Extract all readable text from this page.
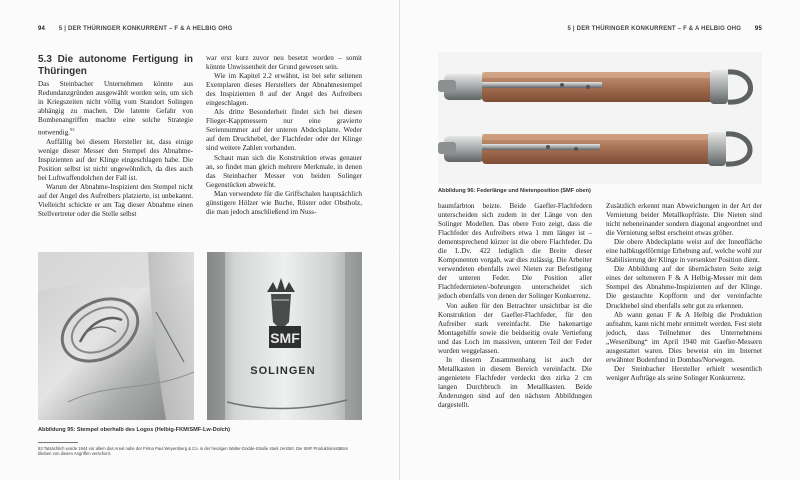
94 5 | DER THÜRINGER KONKURRENT – F & A HELBIG OHG
5.3 Die autonome Fertigung in Thüringen

Das Steinbacher Unternehmen könnte aus Redundanzgründen ausgewählt worden sein, um sich in Kriegszeiten nicht völlig vom Standort Solingen abhängig zu machen. Die latente Gefahr von Bombenangriffen machte eine solche Strategie notwendig.$^{93}$

Auffällig bei diesem Hersteller ist, dass einige wenige dieser Messer den Stempel des Abnahme-Inspizienten auf der Klinge eingeschlagen habe. Die Position selbst ist nicht ungewöhnlich, da dies auch bei Luftwaffendolchen der Fall ist.

Warum der Abnahme-Inspizient den Stempel nicht auf der Angel des Aufreibers platzierte, ist unbekannt. Vielleicht schickte er am Tag dieser Abnahme einen Stellvertreter oder die Stelle selbst

war erst kurz zuvor neu besetzt worden – somit könnte Unwissenheit der Grund gewesen sein.

Wie im Kapitel 2.2 erwähnt, ist bei sehr seltenen Exemplaren dieses Herstellers der Abnahmestempel des Inspizienten 8 auf der Angel des Aufreibers eingeschlagen.

Als dritte Besonderheit findet sich bei diesen Flieger-Kappmessern nur eine gravierte Seriennummer auf der unteren Abdeckplatte. Weder auf dem Druckhebel, der Flachfeder oder der Klinge sind weitere Zahlen vorhanden.

Schaut man sich die Konstruktion etwas genauer an, so findet man gleich mehrere Merkmale, in denen das Steinbacher Messer von beiden Solinger Gegenstücken abweicht.

Man verwendete für die Griffschalen hauptsächlich günstigere Hölzer wie Buche, Rüster oder Obstholz, die man jedoch anschließend im Nuss-

SMF
SOLINGEN
Abbildung 95: Stempel oberhalb des Logos (Helbig-FKM/SMF-Lw-Dolch)
93 Tatsächlich wurde 1944 vor allem das Areal nahe der Firma Paul Weyersberg & Co. in der heutigen Walter-Dodde-Straße stark zerstört. Die SMF Produktionsstätten blieben von diesen Angriffen verschont.
5 | DER THÜRINGER KONKURRENT – F & A HELBIG OHG 95
Abbildung 96: Federlänge und Nietenposition (SMF oben)

baumfarbton beizte. Beide Gaefler-Flachfedern unterscheiden sich zudem in der Länge von den Solinger Modellen. Das obere Foto zeigt, dass die Flachfeder des Aufreibers etwa 1 mm länger ist – dementsprechend kürzer ist die obere Flachfeder. Da die L.Dv. 422 lediglich die Breite dieser Komponenten vorgab, war dies zulässig. Die Arbeiter verwendeten ebenfalls zwei Nieten zur Befestigung der unteren Feder. Die Position aller Flachfedernieten/-bohrungen unterscheidet sich jedoch ebenfalls von denen der Solinger Konkurrenz.

Von außen für den Betrachter unsichtbar ist die Konstruktion der Gaefler-Flachfeder, für den Aufreiber stark vereinfacht. Die hakenartige Montagehilfe sowie die beidseitig ovale Vertiefung und das Loch im massiven, unteren Teil der Feder wurden weggelassen.

In diesem Zusammenhang ist auch der Metallkasten in diesem Bereich vereinfacht. Die angenietete Flachfeder verdeckt den zirka 2 cm langen Durchbruch im Metallkasten. Beide Änderungen sind auf den nächsten Abbildungen dargestellt.

Zusätzlich erkennt man Abweichungen in der Art der Vernietung beider Metallkopfräste. Die Nieten sind nicht nebeneinander sondern diagonal angeordnet und die Vernietung selbst erscheint etwas gröber.

Die obere Abdeckplatte weist auf der Innenfläche eine halbkugelförmige Erhebung auf, welche wohl zur Stabilisierung der Klinge in versenkter Position dient.

Die Abbildung auf der übernächsten Seite zeigt eines der selteneren F & A Helbig-Messer mit dem Stempel des Abnahme-Inspizienten auf der Klinge. Die gestauchte Kopfform und der vereinfachte Druckhebel sind ebenfalls sehr gut zu erkennen.

Ab wann genau F & A Helbig die Produktion aufnahm, kann nicht mehr ermittelt werden. Fest steht jedoch, dass Teilnehmer des Unternehmens „Weserübung“ im April 1940 mit Gaefler-Messern ausgestattet waren. Dies beweist ein im Internet erwähnter Bodenfund in Dombas/Norwegen.

Der Steinbacher Hersteller erhielt wesentlich weniger Aufträge als seine Solinger Konkurrenz.
